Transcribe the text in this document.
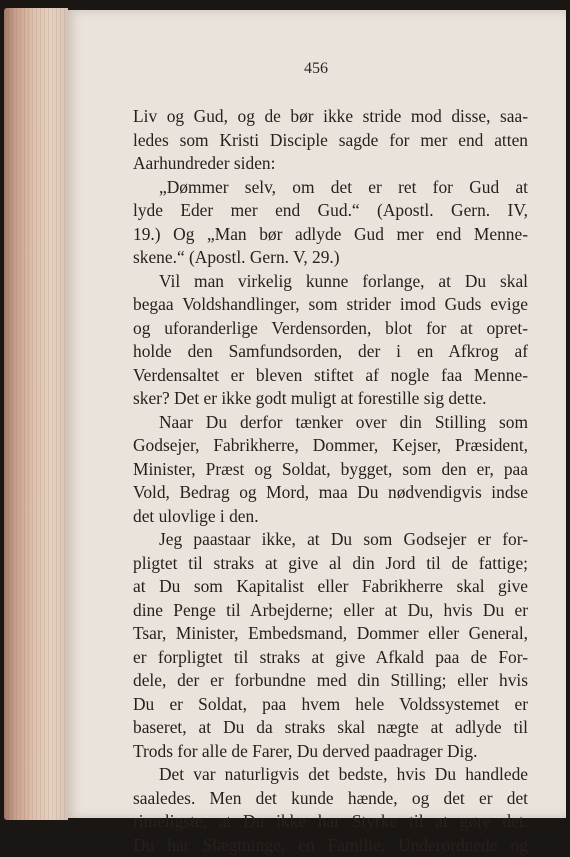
456
Liv og Gud, og de bør ikke stride mod disse, saa-
ledes som Kristi Disciple sagde for mer end atten
Aarhundreder siden:
„Dømmer selv, om det er ret for Gud at
lyde Eder mer end Gud.“ (Apostl. Gern. IV,
19.) Og „Man bør adlyde Gud mer end Menne-
skene.“ (Apostl. Gern. V, 29.)
Vil man virkelig kunne forlange, at Du skal
begaa Voldshandlinger, som strider imod Guds evige
og uforanderlige Verdensorden, blot for at opret-
holde den Samfundsorden, der i en Afkrog af
Verdensaltet er bleven stiftet af nogle faa Menne-
sker? Det er ikke godt muligt at forestille sig dette.
Naar Du derfor tænker over din Stilling som
Godsejer, Fabrikherre, Dommer, Kejser, Præsident,
Minister, Præst og Soldat, bygget, som den er, paa
Vold, Bedrag og Mord, maa Du nødvendigvis indse
det ulovlige i den.
Jeg paastaar ikke, at Du som Godsejer er for-
pligtet til straks at give al din Jord til de fattige;
at Du som Kapitalist eller Fabrikherre skal give
dine Penge til Arbejderne; eller at Du, hvis Du er
Tsar, Minister, Embedsmand, Dommer eller General,
er forpligtet til straks at give Afkald paa de For-
dele, der er forbundne med din Stilling; eller hvis
Du er Soldat, paa hvem hele Voldssystemet er
baseret, at Du da straks skal nægte at adlyde til
Trods for alle de Farer, Du derved paadrager Dig.
Det var naturligvis det bedste, hvis Du handlede
saaledes. Men det kunde hænde, og det er det
rimeligste, at Du ikke har Styrke til at gøre det.
Du har Slægtninge, en Familie, Underordnede og
